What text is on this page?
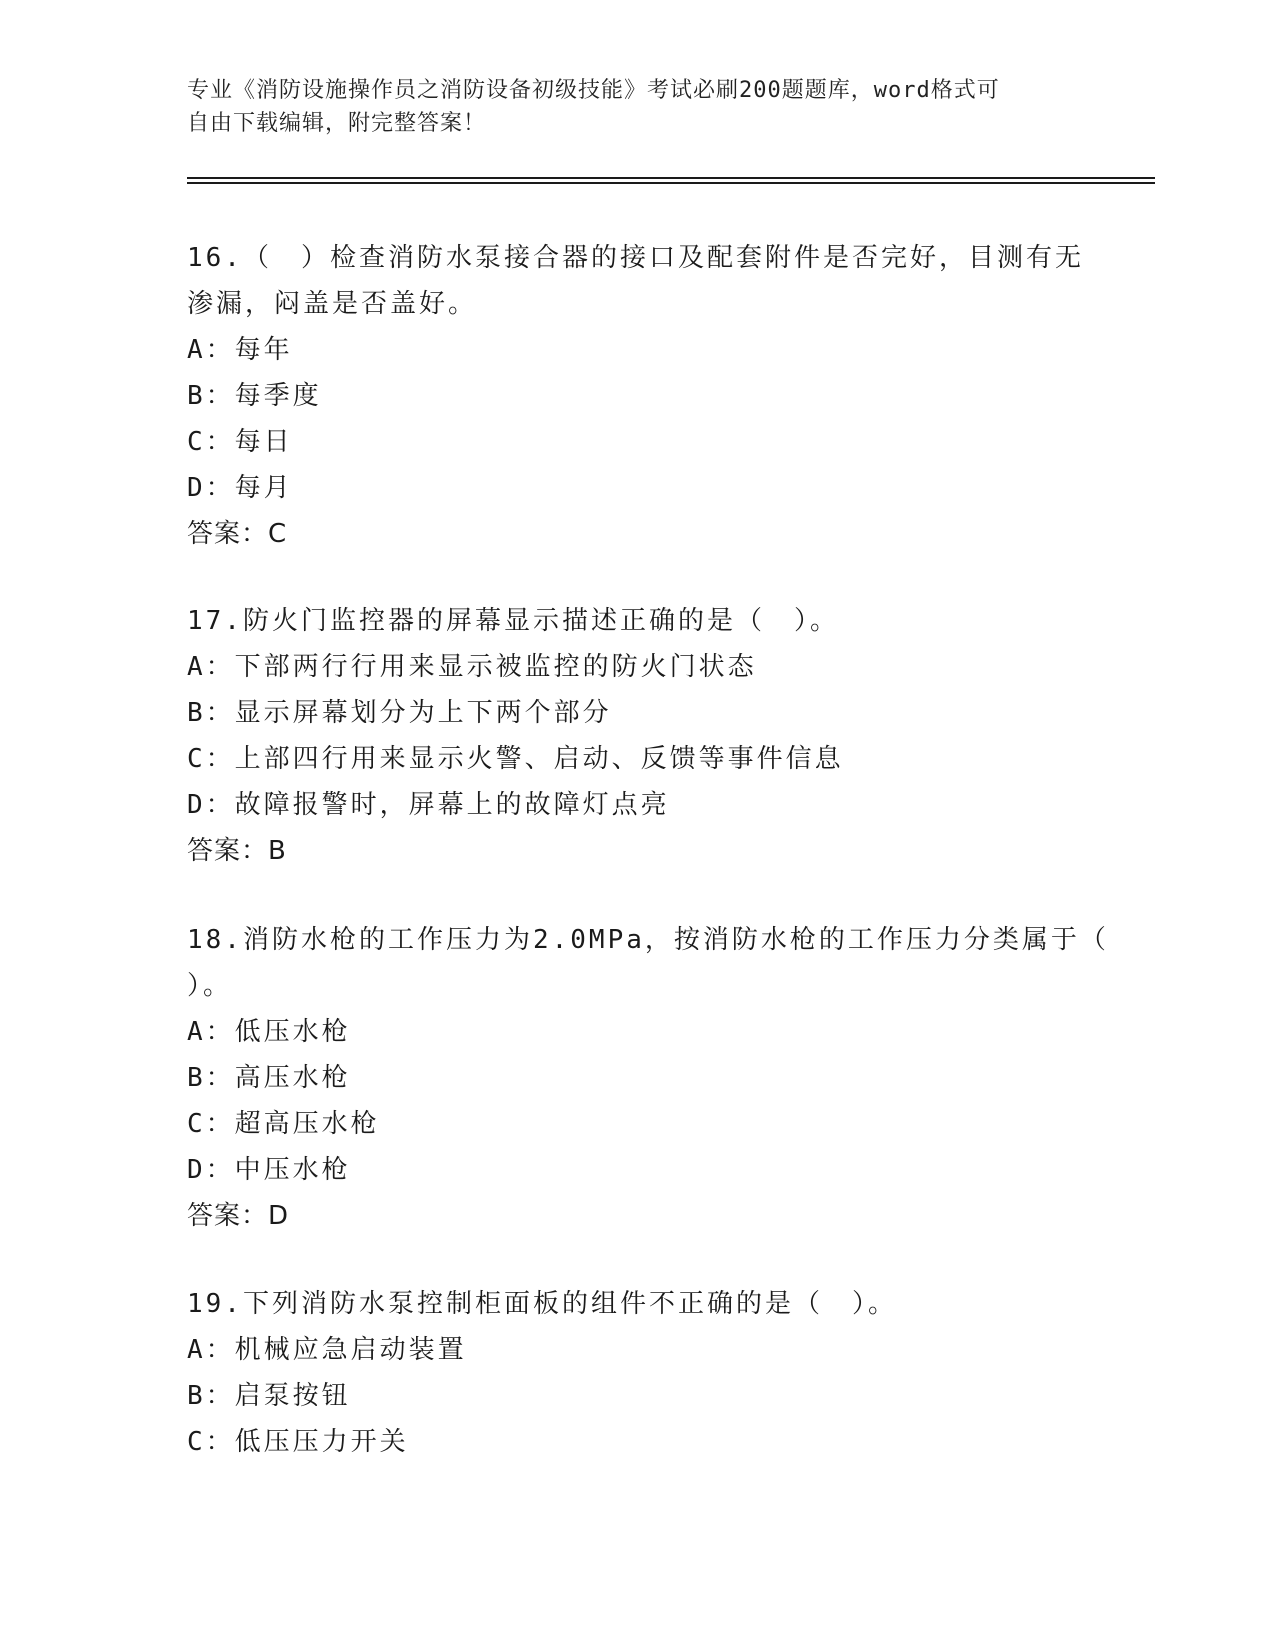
专业《消防设施操作员之消防设备初级技能》考试必刷200题题库，word格式可
自由下载编辑，附完整答案！
16.（　）检查消防水泵接合器的接口及配套附件是否完好，目测有无
渗漏，闷盖是否盖好。
A：每年
B：每季度
C：每日
D：每月
答案：C
17.防火门监控器的屏幕显示描述正确的是（　）。
A：下部两行行用来显示被监控的防火门状态
B：显示屏幕划分为上下两个部分
C：上部四行用来显示火警、启动、反馈等事件信息
D：故障报警时，屏幕上的故障灯点亮
答案：B
18.消防水枪的工作压力为2.0MPa，按消防水枪的工作压力分类属于（
）。
A：低压水枪
B：高压水枪
C：超高压水枪
D：中压水枪
答案：D
19.下列消防水泵控制柜面板的组件不正确的是（　）。
A：机械应急启动装置
B：启泵按钮
C：低压压力开关
